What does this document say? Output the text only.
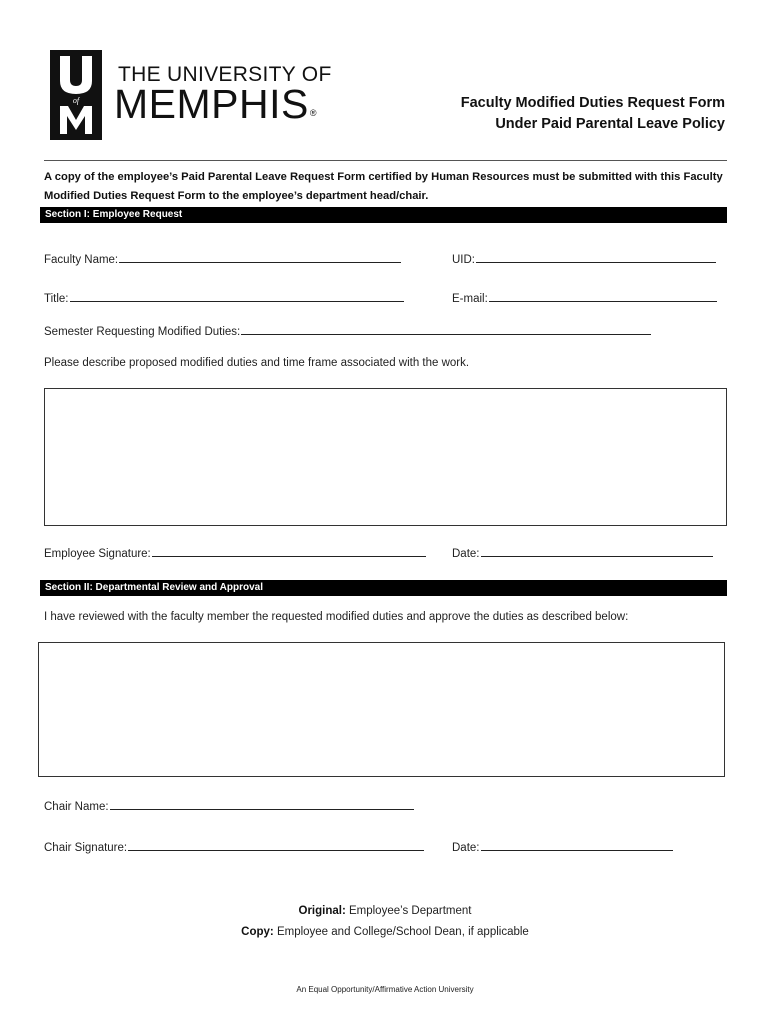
of
THE UNIVERSITY OF
MEMPHIS®
Faculty Modified Duties Request Form
Under Paid Parental Leave Policy
A copy of the employee’s Paid Parental Leave Request Form certified by Human Resources must be submitted with this Faculty Modified Duties Request Form to the employee’s department head/chair.
Section I: Employee Request
Faculty Name:	UID:
Title:	E-mail:
Semester Requesting Modified Duties:
Please describe proposed modified duties and time frame associated with the work.
Employee Signature:	Date:
Section II: Departmental Review and Approval
I have reviewed with the faculty member the requested modified duties and approve the duties as described below:
Chair Name:
Chair Signature:	Date:
Original: Employee’s Department
Copy: Employee and College/School Dean, if applicable
An Equal Opportunity/Affirmative Action University
